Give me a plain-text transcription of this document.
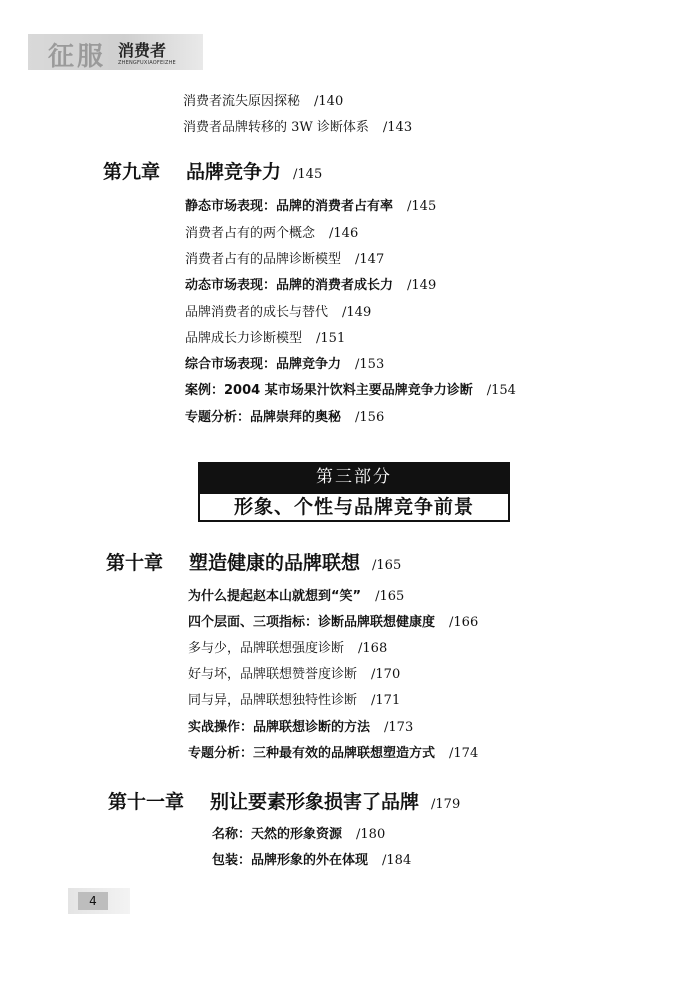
征服 消费者
ZHENGFUXIAOFEIZHE
消费者流失原因探秘 /140
消费者品牌转移的 3W 诊断体系 /143
第九章 品牌竞争力 /145
静态市场表现：品牌的消费者占有率 /145
消费者占有的两个概念 /146
消费者占有的品牌诊断模型 /147
动态市场表现：品牌的消费者成长力 /149
品牌消费者的成长与替代 /149
品牌成长力诊断模型 /151
综合市场表现：品牌竞争力 /153
案例：2004 某市场果汁饮料主要品牌竞争力诊断 /154
专题分析：品牌崇拜的奥秘 /156
第三部分
形象、个性与品牌竞争前景
第十章 塑造健康的品牌联想 /165
为什么提起赵本山就想到“笑” /165
四个层面、三项指标：诊断品牌联想健康度 /166
多与少，品牌联想强度诊断 /168
好与坏，品牌联想赞誉度诊断 /170
同与异，品牌联想独特性诊断 /171
实战操作：品牌联想诊断的方法 /173
专题分析：三种最有效的品牌联想塑造方式 /174
第十一章 别让要素形象损害了品牌 /179
名称：天然的形象资源 /180
包装：品牌形象的外在体现 /184
4
